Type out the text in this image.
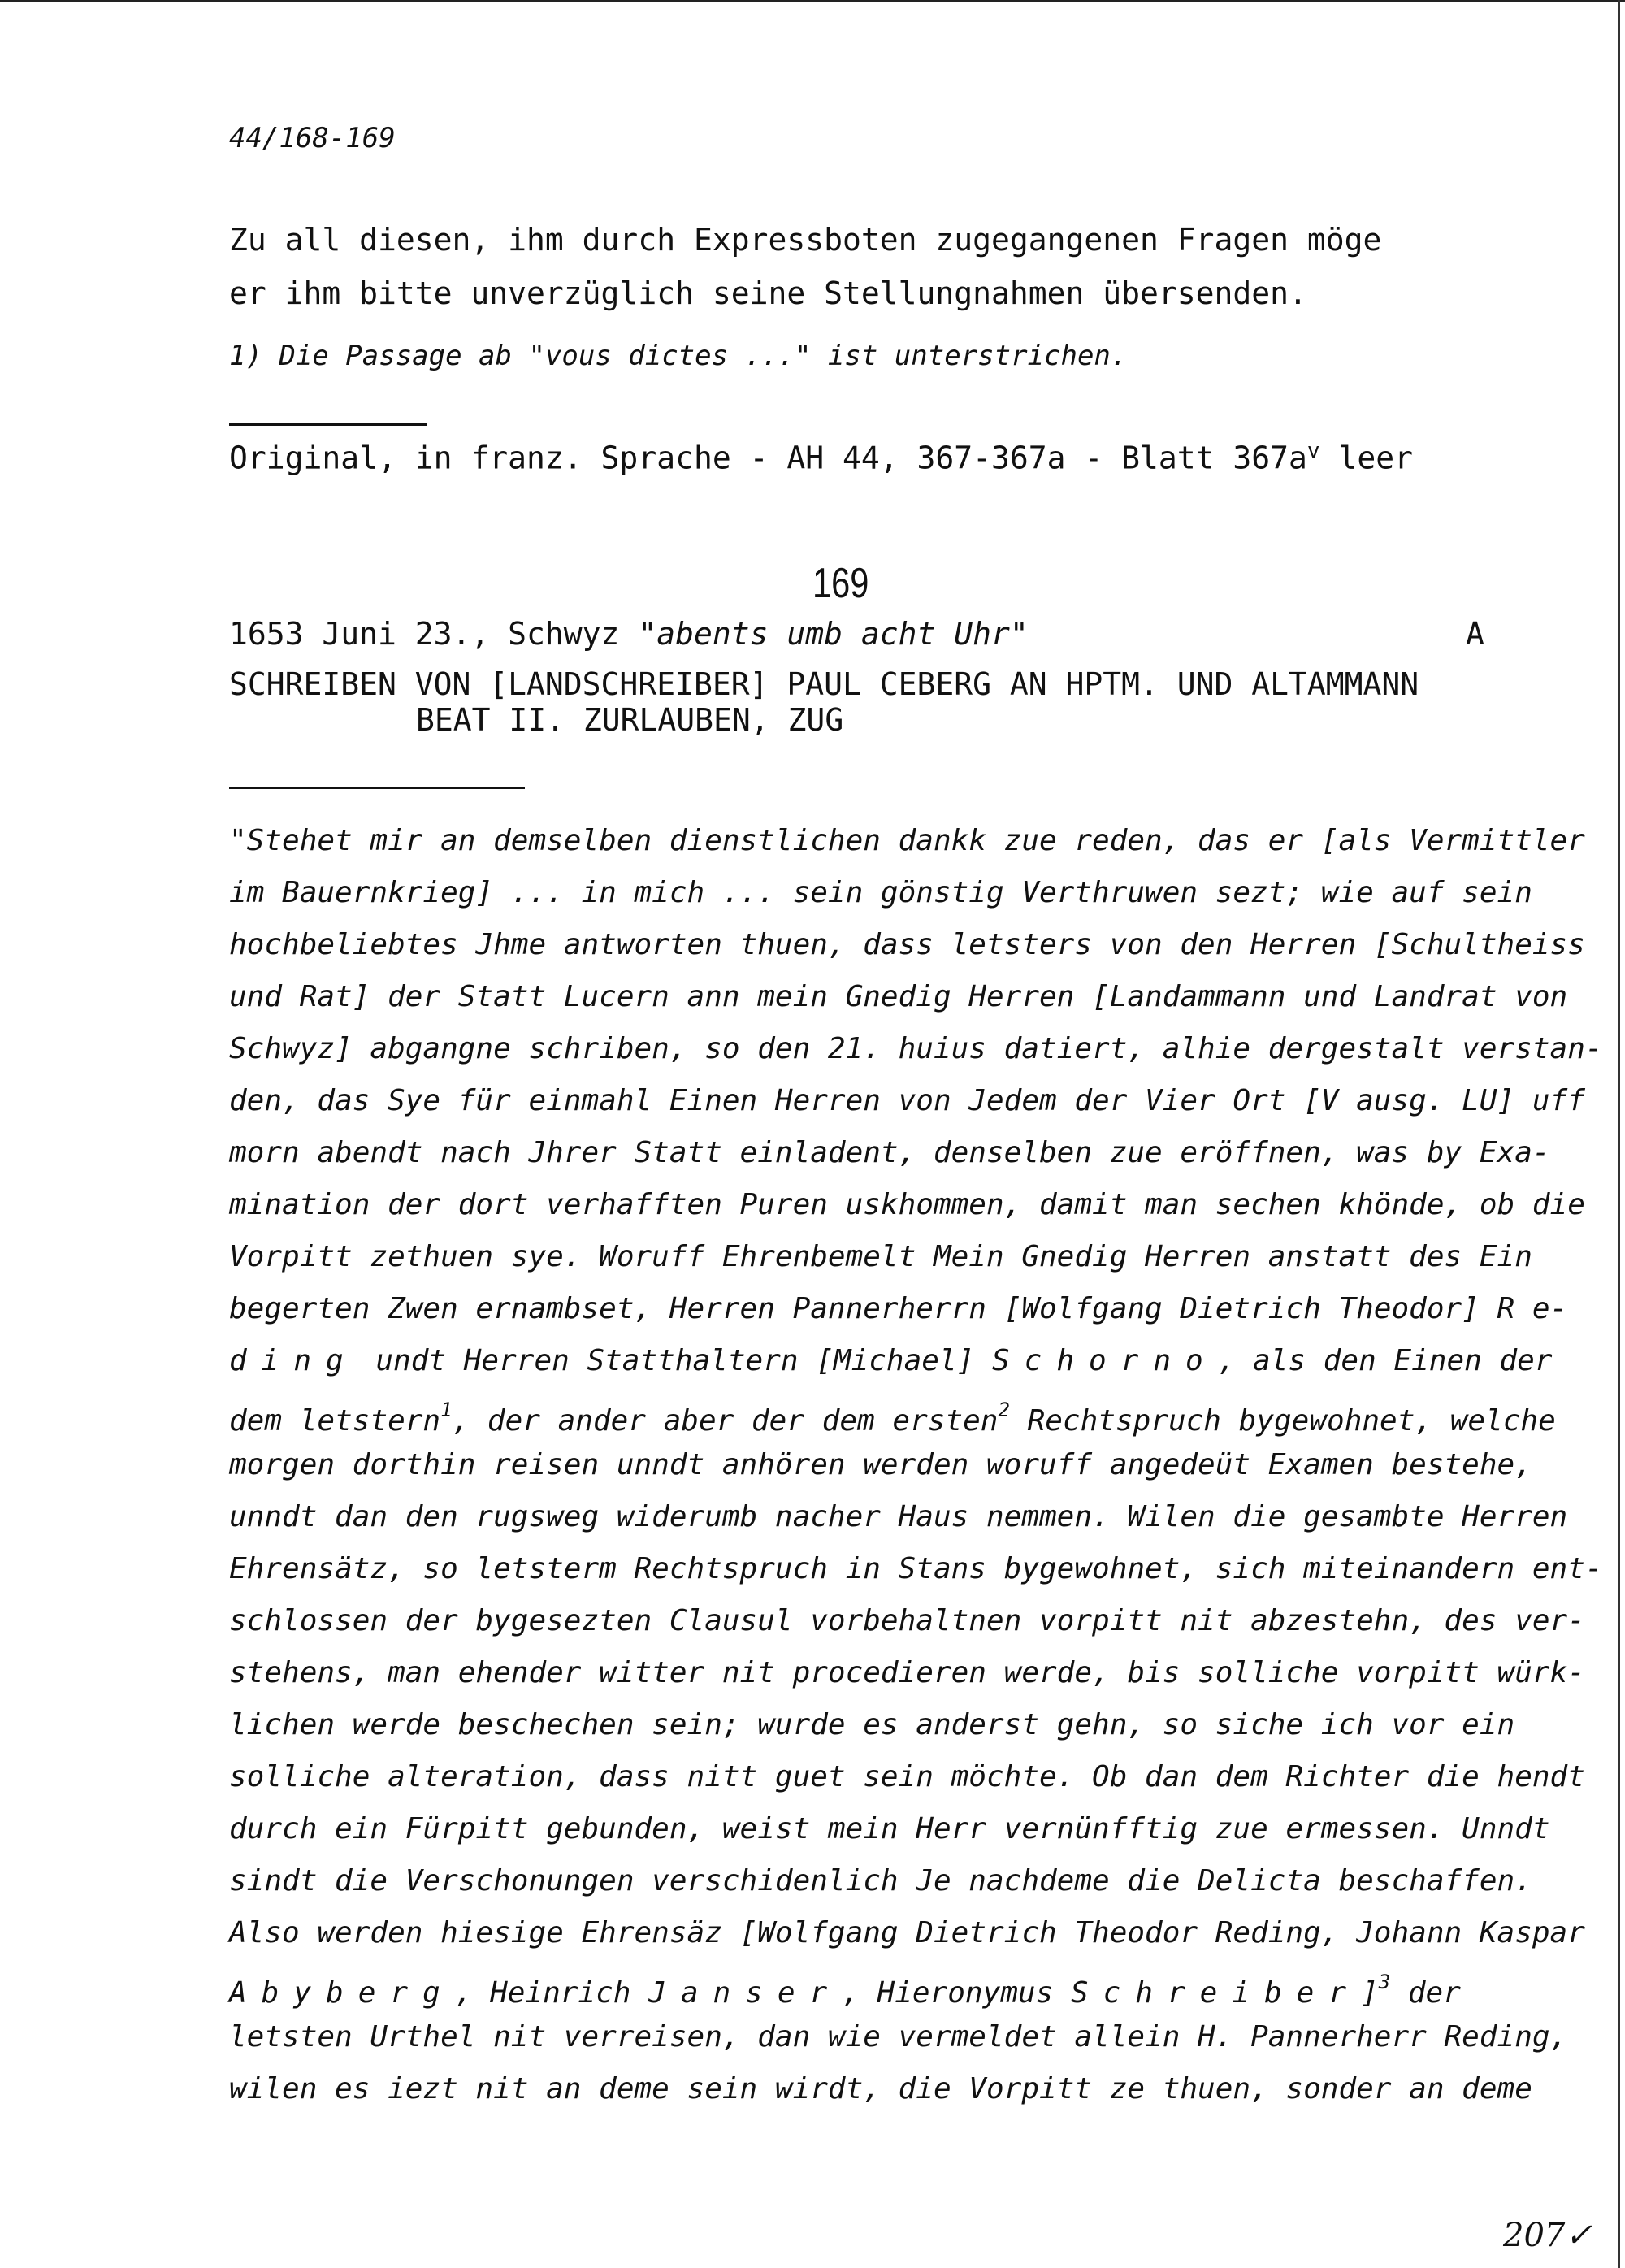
44/168-169
Zu all diesen, ihm durch Expressboten zugegangenen Fragen möge
er ihm bitte unverzüglich seine Stellungnahmen übersenden.
1) Die Passage ab "vous dictes ..." ist unterstrichen.
Original, in franz. Sprache - AH 44, 367-367a - Blatt $367a^v$ leer
169
1653 Juni 23., Schwyz "abents umb acht Uhr"	A
SCHREIBEN VON [LANDSCHREIBER] PAUL CEBERG AN HPTM. UND ALTAMMANN
BEAT II. ZURLAUBEN, ZUG
"Stehet mir an demselben dienstlichen dankk zue reden, das er [als Vermittler
im Bauernkrieg] ... in mich ... sein gönstig Verthruwen sezt; wie auf sein
hochbeliebtes Jhme antworten thuen, dass letsters von den Herren [Schultheiss
und Rat] der Statt Lucern ann mein Gnedig Herren [Landammann und Landrat von
Schwyz] abgangne schriben, so den 21. huius datiert, alhie dergestalt verstan-
den, das Sye für einmahl Einen Herren von Jedem der Vier Ort [V ausg. LU] uff
morn abendt nach Jhrer Statt einladent, denselben zue eröffnen, was by Exa-
mination der dort verhafften Puren uskhommen, damit man sechen khönde, ob die
Vorpitt zethuen sye. Woruff Ehrenbemelt Mein Gnedig Herren anstatt des Ein
begerten Zwen ernambset, Herren Pannerherrn [Wolfgang Dietrich Theodor] R e-
ding undt Herren Statthaltern [Michael] Schorno, als den Einen der
dem letstern$^1$, der ander aber der dem ersten$^2$ Rechtspruch bygewohnet, welche
morgen dorthin reisen unndt anhören werden woruff angedeüt Examen bestehe,
unndt dan den rugsweg widerumb nacher Haus nemmen. Wilen die gesambte Herren
Ehrensätz, so letsterm Rechtspruch in Stans bygewohnet, sich miteinandern ent-
schlossen der bygesezten Clausul vorbehaltnen vorpitt nit abzestehn, des ver-
stehens, man ehender witter nit procedieren werde, bis solliche vorpitt würk-
lichen werde beschechen sein; wurde es anderst gehn, so siche ich vor ein
solliche alteration, dass nitt guet sein möchte. Ob dan dem Richter die hendt
durch ein Fürpitt gebunden, weist mein Herr vernünfftig zue ermessen. Unndt
sindt die Verschonungen verschidenlich Je nachdeme die Delicta beschaffen.
Also werden hiesige Ehrensäz [Wolfgang Dietrich Theodor Reding, Johann Kaspar
Abyberg, Heinrich Janser, Hieronymus Schreiber]$^3$ der
letsten Urthel nit verreisen, dan wie vermeldet allein H. Pannerherr Reding,
wilen es iezt nit an deme sein wirdt, die Vorpitt ze thuen, sonder an deme
207✓
